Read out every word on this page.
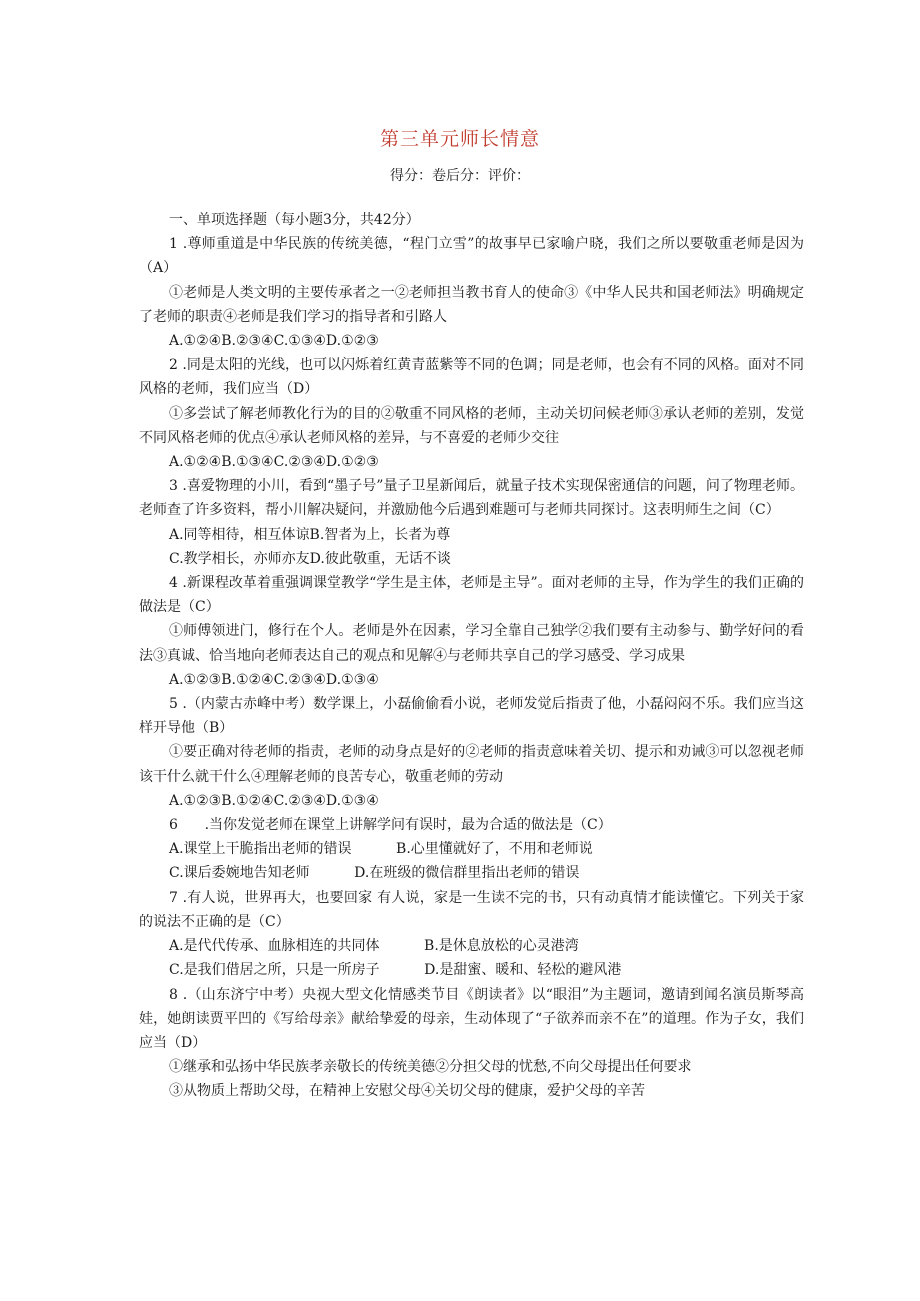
第三单元师长情意
得分：卷后分：评价：

一、单项选择题（每小题3分，共42分）

1 .尊师重道是中华民族的传统美德，“程门立雪”的故事早已家喻户晓，我们之所以要敬重老师是因为（A）

①老师是人类文明的主要传承者之一②老师担当教书育人的使命③《中华人民共和国老师法》明确规定了老师的职责④老师是我们学习的指导者和引路人

A.①②④B.②③④C.①③④D.①②③

2 .同是太阳的光线，也可以闪烁着红黄青蓝紫等不同的色调；同是老师，也会有不同的风格。面对不同风格的老师，我们应当（D）

①多尝试了解老师教化行为的目的②敬重不同风格的老师，主动关切问候老师③承认老师的差别，发觉不同风格老师的优点④承认老师风格的差异，与不喜爱的老师少交往

A.①②④B.①③④C.②③④D.①②③

3 .喜爱物理的小川，看到“墨子号”量子卫星新闻后，就量子技术实现保密通信的问题，问了物理老师。老师查了许多资料，帮小川解决疑问，并激励他今后遇到难题可与老师共同探讨。这表明师生之间（C）

A.同等相待，相互体谅B.智者为上，长者为尊

C.教学相长，亦师亦友D.彼此敬重，无话不谈

4 .新课程改革着重强调课堂教学“学生是主体，老师是主导”。面对老师的主导，作为学生的我们正确的做法是（C）

①师傅领进门，修行在个人。老师是外在因素，学习全靠自己独学②我们要有主动参与、勤学好问的看法③真诚、恰当地向老师表达自己的观点和见解④与老师共享自己的学习感受、学习成果

A.①②③B.①②④C.②③④D.①③④

5 .（内蒙古赤峰中考）数学课上，小磊偷偷看小说，老师发觉后指责了他，小磊闷闷不乐。我们应当这样开导他（B）

①要正确对待老师的指责，老师的动身点是好的②老师的指责意味着关切、提示和劝诫③可以忽视老师该干什么就干什么④理解老师的良苦专心，敬重老师的劳动

A.①②③B.①②④C.②③④D.①③④

6      .当你发觉老师在课堂上讲解学问有误时，最为合适的做法是（C）

A.课堂上干脆指出老师的错误          B.心里懂就好了，不用和老师说

C.课后委婉地告知老师          D.在班级的微信群里指出老师的错误

7 .有人说，世界再大，也要回家 有人说，家是一生读不完的书，只有动真情才能读懂它。下列关于家的说法不正确的是（C）

A.是代代传承、血脉相连的共同体          B.是休息放松的心灵港湾

C.是我们借居之所，只是一所房子          D.是甜蜜、暖和、轻松的避风港

8 .（山东济宁中考）央视大型文化情感类节目《朗读者》以“眼泪”为主题词，邀请到闻名演员斯琴高娃，她朗读贾平凹的《写给母亲》献给挚爱的母亲，生动体现了“子欲养而亲不在”的道理。作为子女，我们应当（D）

①继承和弘扬中华民族孝亲敬长的传统美德②分担父母的忧愁,不向父母提出任何要求

③从物质上帮助父母，在精神上安慰父母④关切父母的健康，爱护父母的辛苦
